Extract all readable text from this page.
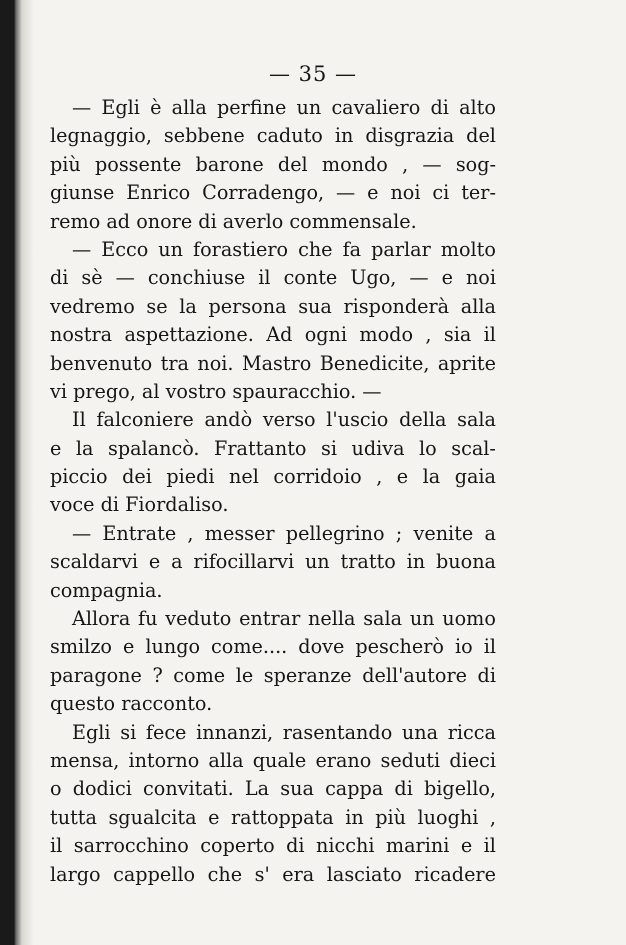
— 35 —
— Egli è alla perfine un cavaliero di alto
legnaggio, sebbene caduto in disgrazia del
più possente barone del mondo , — sog-
giunse Enrico Corradengo, — e noi ci ter-
remo ad onore di averlo commensale.
— Ecco un forastiero che fa parlar molto
di sè — conchiuse il conte Ugo, — e noi
vedremo se la persona sua risponderà alla
nostra aspettazione. Ad ogni modo , sia il
benvenuto tra noi. Mastro Benedicite, aprite
vi prego, al vostro spauracchio. —
Il falconiere andò verso l'uscio della sala
e la spalancò. Frattanto si udiva lo scal-
piccio dei piedi nel corridoio , e la gaia
voce di Fiordaliso.
— Entrate , messer pellegrino ; venite a
scaldarvi e a rifocillarvi un tratto in buona
compagnia.
Allora fu veduto entrar nella sala un uomo
smilzo e lungo come.... dove pescherò io il
paragone ? come le speranze dell'autore di
questo racconto.
Egli si fece innanzi, rasentando una ricca
mensa, intorno alla quale erano seduti dieci
o dodici convitati. La sua cappa di bigello,
tutta sgualcita e rattoppata in più luoghi ,
il sarrocchino coperto di nicchi marini e il
largo cappello che s' era lasciato ricadere
